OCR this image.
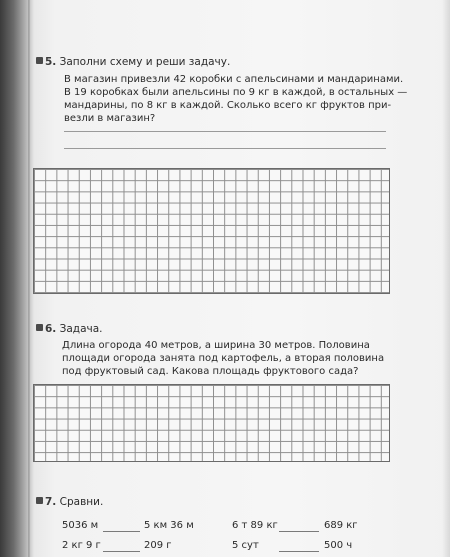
5. Заполни схему и реши задачу.
В магазин привезли 42 коробки с апельсинами и мандаринами.
В 19 коробках были апельсины по 9 кг в каждой, в остальных —
мандарины, по 8 кг в каждой. Сколько всего кг фруктов при-
везли в магазин?
6. Задача.
Длина огорода 40 метров, а ширина 30 метров. Половина
площади огорода занята под картофель, а вторая половина
под фруктовый сад. Какова площадь фруктового сада?
7. Сравни.
5036 м	5 км 36 м	6 т 89 кг	689 кг
2 кг 9 г	209 г	5 сут	500 ч
